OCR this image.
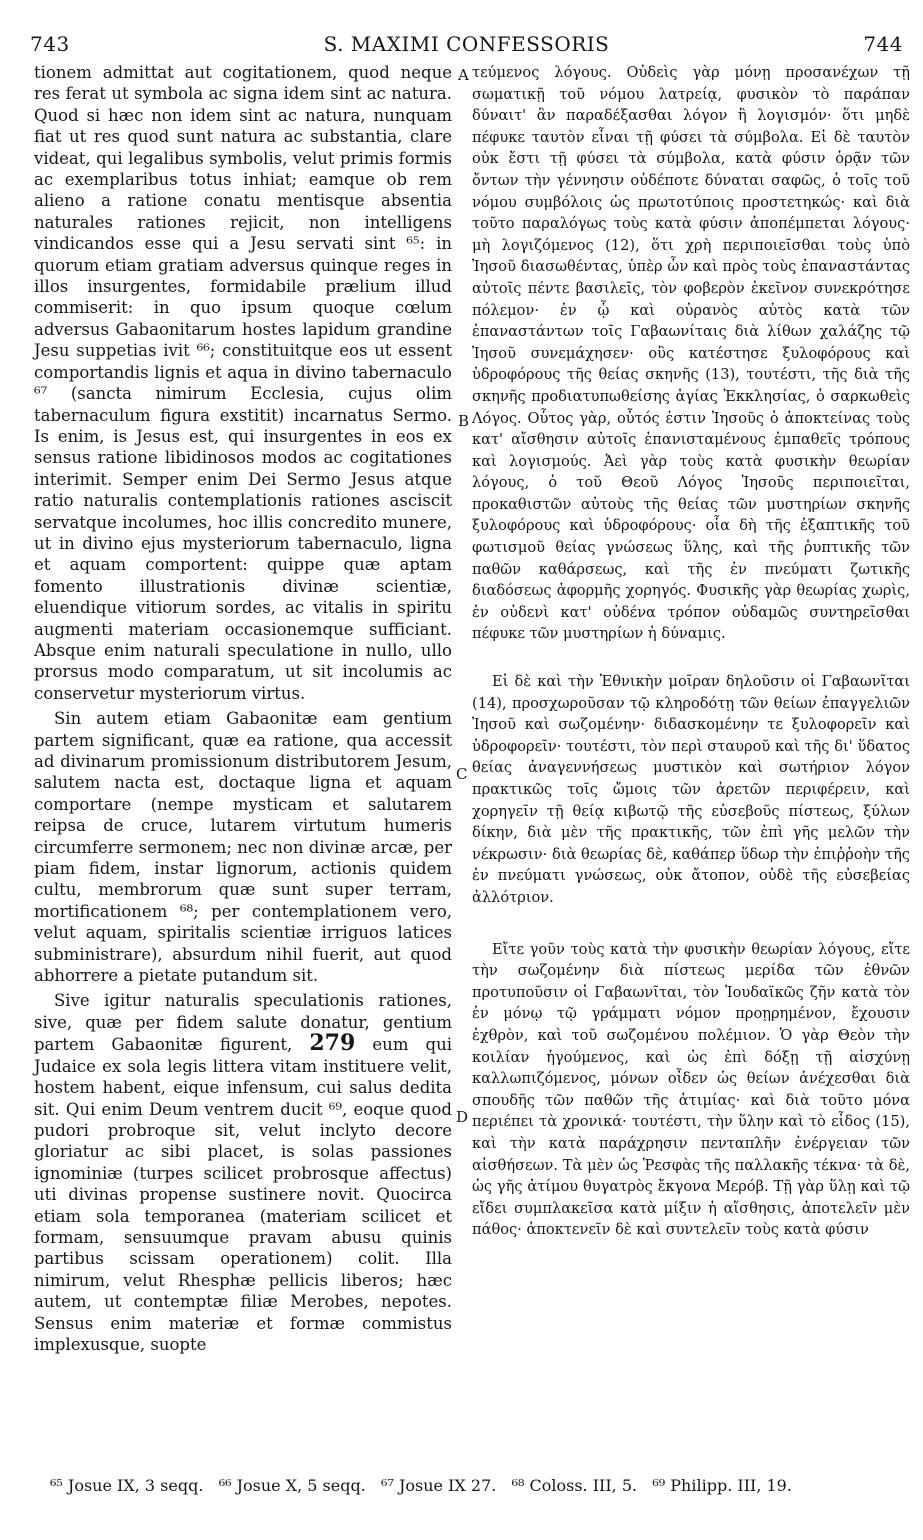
743	S. MAXIMI CONFESSORIS	744

tionem admittat aut cogitationem, quod neque res ferat ut symbola ac signa idem sint ac natura. Quod si hæc non idem sint ac natura, nunquam fiat ut res quod sunt natura ac substantia, clare videat, qui legalibus symbolis, velut primis formis ac exemplaribus totus inhiat; eamque ob rem alieno a ratione conatu mentisque absentia naturales rationes rejicit, non intelligens vindicandos esse qui a Jesu servati sint ⁶⁵: in quorum etiam gratiam adversus quinque reges in illos insurgentes, formidabile prælium illud commiserit: in quo ipsum quoque cœlum adversus Gabaonitarum hostes lapidum grandine Jesu suppetias ivit ⁶⁶; constituitque eos ut essent comportandis lignis et aqua in divino tabernaculo ⁶⁷ (sancta nimirum Ecclesia, cujus olim tabernaculum figura exstitit) incarnatus Sermo. Is enim, is Jesus est, qui insurgentes in eos ex sensus ratione libidinosos modos ac cogitationes interimit. Semper enim Dei Sermo Jesus atque ratio naturalis contemplationis rationes asciscit servatque incolumes, hoc illis concredito munere, ut in divino ejus mysteriorum tabernaculo, ligna et aquam comportent: quippe quæ aptam fomento illustrationis divinæ scientiæ, eluendique vitiorum sordes, ac vitalis in spiritu augmenti materiam occasionemque sufficiant. Absque enim naturali speculatione in nullo, ullo prorsus modo comparatum, ut sit incolumis ac conservetur mysteriorum virtus.

Sin autem etiam Gabaonitæ eam gentium partem significant, quæ ea ratione, qua accessit ad divinarum promissionum distributorem Jesum, salutem nacta est, doctaque ligna et aquam comportare (nempe mysticam et salutarem reipsa de cruce, lutarem virtutum humeris circumferre sermonem; nec non divinæ arcæ, per piam fidem, instar lignorum, actionis quidem cultu, membrorum quæ sunt super terram, mortificationem ⁶⁸; per contemplationem vero, velut aquam, spiritalis scientiæ irriguos latices subministrare), absurdum nihil fuerit, aut quod abhorrere a pietate putandum sit.

Sive igitur naturalis speculationis rationes, sive, quæ per fidem salute donatur, gentium partem Gabaonitæ figurent, 279 eum qui Judaice ex sola legis littera vitam instituere velit, hostem habent, eique infensum, cui salus dedita sit. Qui enim Deum ventrem ducit ⁶⁹, eoque quod pudori probroque sit, velut inclyto decore gloriatur ac sibi placet, is solas passiones ignominiæ (turpes scilicet probrosque affectus) uti divinas propense sustinere novit. Quocirca etiam sola temporanea (materiam scilicet et formam, sensuumque pravam abusu quinis partibus scissam operationem) colit. Illa nimirum, velut Rhesphæ pellicis liberos; hæc autem, ut contemptæ filiæ Merobes, nepotes. Sensus enim materiæ et formæ commistus implexusque, suopte

A
B
C
D

τεύμενος λόγους. Οὐδεὶς γὰρ μόνῃ προσανέχων τῇ σωματικῇ τοῦ νόμου λατρείᾳ, φυσικὸν τὸ παράπαν δύναιτ' ἂν παραδέξασθαι λόγον ἢ λογισμόν· ὅτι μηδὲ πέφυκε ταυτὸν εἶναι τῇ φύσει τὰ σύμβολα. Εἰ δὲ ταυτὸν οὐκ ἔστι τῇ φύσει τὰ σύμβολα, κατὰ φύσιν ὁρᾷν τῶν ὄντων τὴν γέννησιν οὐδέποτε δύναται σαφῶς, ὁ τοῖς τοῦ νόμου συμβόλοις ὡς πρωτοτύποις προστετηκώς· καὶ διὰ τοῦτο παραλόγως τοὺς κατὰ φύσιν ἀποπέμπεται λόγους· μὴ λογιζόμενος (12), ὅτι χρὴ περιποιεῖσθαι τοὺς ὑπὸ Ἰησοῦ διασωθέντας, ὑπὲρ ὧν καὶ πρὸς τοὺς ἐπαναστάντας αὐτοῖς πέντε βασιλεῖς, τὸν φοβερὸν ἐκεῖνον συνεκρότησε πόλεμον· ἐν ᾧ καὶ οὐρανὸς αὐτὸς κατὰ τῶν ἐπαναστάντων τοῖς Γαβαωνίταις διὰ λίθων χαλάζης τῷ Ἰησοῦ συνεμάχησεν· οὓς κατέστησε ξυλοφόρους καὶ ὑδροφόρους τῆς θείας σκηνῆς (13), τουτέστι, τῆς διὰ τῆς σκηνῆς προδιατυπωθείσης ἁγίας Ἐκκλησίας, ὁ σαρκωθεὶς Λόγος. Οὗτος γὰρ, οὗτός ἐστιν Ἰησοῦς ὁ ἀποκτείνας τοὺς κατ' αἴσθησιν αὐτοῖς ἐπανισταμένους ἐμπαθεῖς τρόπους καὶ λογισμούς. Ἀεὶ γὰρ τοὺς κατὰ φυσικὴν θεωρίαν λόγους, ὁ τοῦ Θεοῦ Λόγος Ἰησοῦς περιποιεῖται, προκαθιστῶν αὐτοὺς τῆς θείας τῶν μυστηρίων σκηνῆς ξυλοφόρους καὶ ὑδροφόρους· οἷα δὴ τῆς ἐξαπτικῆς τοῦ φωτισμοῦ θείας γνώσεως ὕλης, καὶ τῆς ῥυπτικῆς τῶν παθῶν καθάρσεως, καὶ τῆς ἐν πνεύματι ζωτικῆς διαδόσεως ἀφορμῆς χορηγός. Φυσικῆς γὰρ θεωρίας χωρὶς, ἐν οὐδενὶ κατ' οὐδένα τρόπον οὐδαμῶς συντηρεῖσθαι πέφυκε τῶν μυστηρίων ἡ δύναμις.

Εἰ δὲ καὶ τὴν Ἐθνικὴν μοῖραν δηλοῦσιν οἱ Γαβαωνῖται (14), προσχωροῦσαν τῷ κληροδότῃ τῶν θείων ἐπαγγελιῶν Ἰησοῦ καὶ σωζομένην· διδασκομένην τε ξυλοφορεῖν καὶ ὑδροφορεῖν· τουτέστι, τὸν περὶ σταυροῦ καὶ τῆς δι' ὕδατος θείας ἀναγεννήσεως μυστικὸν καὶ σωτήριον λόγον πρακτικῶς τοῖς ὤμοις τῶν ἀρετῶν περιφέρειν, καὶ χορηγεῖν τῇ θείᾳ κιβωτῷ τῆς εὐσεβοῦς πίστεως, ξύλων δίκην, διὰ μὲν τῆς πρακτικῆς, τῶν ἐπὶ γῆς μελῶν τὴν νέκρωσιν· διὰ θεωρίας δὲ, καθάπερ ὕδωρ τὴν ἐπιῤῥοὴν τῆς ἐν πνεύματι γνώσεως, οὐκ ἄτοπον, οὐδὲ τῆς εὐσεβείας ἀλλότριον.

Εἴτε γοῦν τοὺς κατὰ τὴν φυσικὴν θεωρίαν λόγους, εἴτε τὴν σωζομένην διὰ πίστεως μερίδα τῶν ἐθνῶν προτυποῦσιν οἱ Γαβαωνῖται, τὸν Ἰουδαϊκῶς ζῆν κατὰ τὸν ἐν μόνῳ τῷ γράμματι νόμον προῃρημένον, ἔχουσιν ἐχθρὸν, καὶ τοῦ σωζομένου πολέμιον. Ὁ γὰρ Θεὸν τὴν κοιλίαν ἡγούμενος, καὶ ὡς ἐπὶ δόξῃ τῇ αἰσχύνῃ καλλωπιζόμενος, μόνων οἶδεν ὡς θείων ἀνέχεσθαι διὰ σπουδῆς τῶν παθῶν τῆς ἀτιμίας· καὶ διὰ τοῦτο μόνα περιέπει τὰ χρονικά· τουτέστι, τὴν ὕλην καὶ τὸ εἶδος (15), καὶ τὴν κατὰ παράχρησιν πενταπλῆν ἐνέργειαν τῶν αἰσθήσεων. Τὰ μὲν ὡς Ῥεσφὰς τῆς παλλακῆς τέκνα· τὰ δὲ, ὡς γῆς ἀτίμου θυγατρὸς ἔκγονα Μερόβ. Τῇ γὰρ ὕλῃ καὶ τῷ εἴδει συμπλακεῖσα κατὰ μίξιν ἡ αἴσθησις, ἀποτελεῖν μὲν πάθος· ἀποκτενεῖν δὲ καὶ συντελεῖν τοὺς κατὰ φύσιν

⁶⁵ Josue IX, 3 seqq.   ⁶⁶ Josue X, 5 seqq.   ⁶⁷ Josue IX 27.   ⁶⁸ Coloss. III, 5.   ⁶⁹ Philipp. III, 19.
